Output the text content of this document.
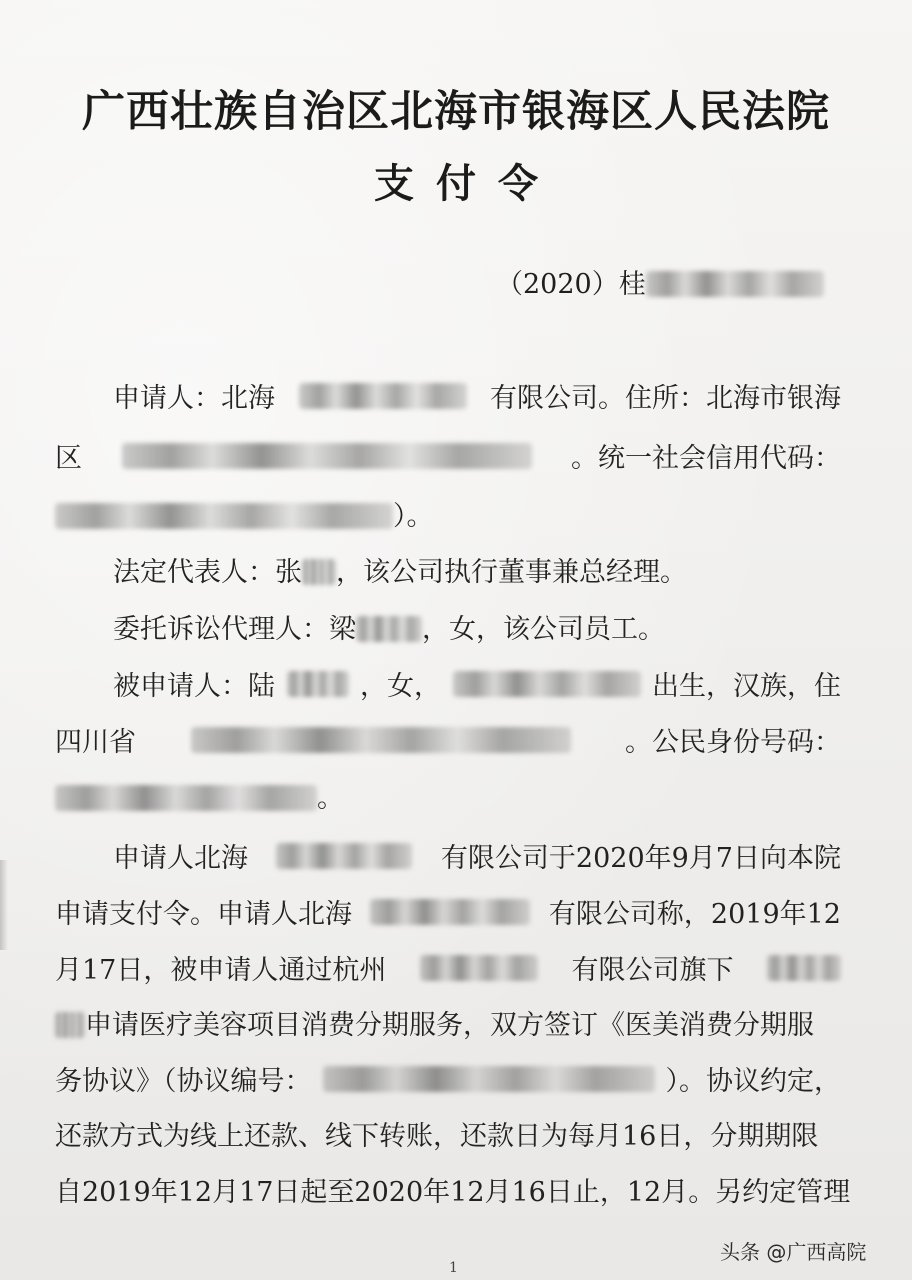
广西壮族自治区北海市银海区人民法院
支付令
（2020）桂
申请人：北海	有限公司。住所：北海市银海
区	。统一社会信用代码：
）。
法定代表人：张 ，该公司执行董事兼总经理。
委托诉讼代理人：梁 ，女，该公司员工。
被申请人：陆	，女，	出生，汉族，住
四川省	。公民身份号码：
。
申请人北海	有限公司于2020年9月7日向本院
申请支付令。申请人北海	有限公司称，2019年12
月17日，被申请人通过杭州	有限公司旗下
申请医疗美容项目消费分期服务，双方签订《医美消费分期服
务协议》（协议编号：	）。协议约定，
还款方式为线上还款、线下转账，还款日为每月16日，分期期限
自2019年12月17日起至2020年12月16日止，12月。另约定管理
头条 @广西高院
1
